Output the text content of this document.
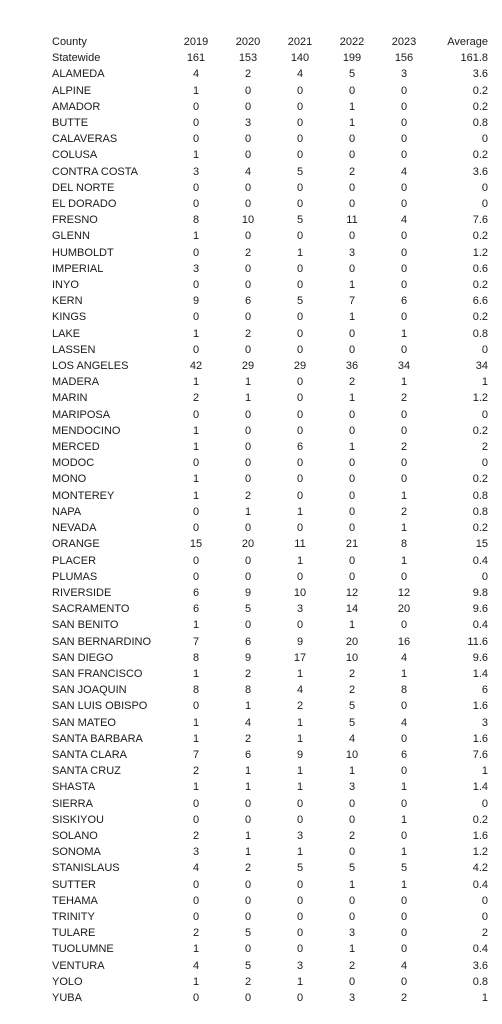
County	2019	2020	2021	2022	2023	Average
Statewide	161	153	140	199	156	161.8
ALAMEDA	4	2	4	5	3	3.6
ALPINE	1	0	0	0	0	0.2
AMADOR	0	0	0	1	0	0.2
BUTTE	0	3	0	1	0	0.8
CALAVERAS	0	0	0	0	0	0
COLUSA	1	0	0	0	0	0.2
CONTRA COSTA	3	4	5	2	4	3.6
DEL NORTE	0	0	0	0	0	0
EL DORADO	0	0	0	0	0	0
FRESNO	8	10	5	11	4	7.6
GLENN	1	0	0	0	0	0.2
HUMBOLDT	0	2	1	3	0	1.2
IMPERIAL	3	0	0	0	0	0.6
INYO	0	0	0	1	0	0.2
KERN	9	6	5	7	6	6.6
KINGS	0	0	0	1	0	0.2
LAKE	1	2	0	0	1	0.8
LASSEN	0	0	0	0	0	0
LOS ANGELES	42	29	29	36	34	34
MADERA	1	1	0	2	1	1
MARIN	2	1	0	1	2	1.2
MARIPOSA	0	0	0	0	0	0
MENDOCINO	1	0	0	0	0	0.2
MERCED	1	0	6	1	2	2
MODOC	0	0	0	0	0	0
MONO	1	0	0	0	0	0.2
MONTEREY	1	2	0	0	1	0.8
NAPA	0	1	1	0	2	0.8
NEVADA	0	0	0	0	1	0.2
ORANGE	15	20	11	21	8	15
PLACER	0	0	1	0	1	0.4
PLUMAS	0	0	0	0	0	0
RIVERSIDE	6	9	10	12	12	9.8
SACRAMENTO	6	5	3	14	20	9.6
SAN BENITO	1	0	0	1	0	0.4
SAN BERNARDINO	7	6	9	20	16	11.6
SAN DIEGO	8	9	17	10	4	9.6
SAN FRANCISCO	1	2	1	2	1	1.4
SAN JOAQUIN	8	8	4	2	8	6
SAN LUIS OBISPO	0	1	2	5	0	1.6
SAN MATEO	1	4	1	5	4	3
SANTA BARBARA	1	2	1	4	0	1.6
SANTA CLARA	7	6	9	10	6	7.6
SANTA CRUZ	2	1	1	1	0	1
SHASTA	1	1	1	3	1	1.4
SIERRA	0	0	0	0	0	0
SISKIYOU	0	0	0	0	1	0.2
SOLANO	2	1	3	2	0	1.6
SONOMA	3	1	1	0	1	1.2
STANISLAUS	4	2	5	5	5	4.2
SUTTER	0	0	0	1	1	0.4
TEHAMA	0	0	0	0	0	0
TRINITY	0	0	0	0	0	0
TULARE	2	5	0	3	0	2
TUOLUMNE	1	0	0	1	0	0.4
VENTURA	4	5	3	2	4	3.6
YOLO	1	2	1	0	0	0.8
YUBA	0	0	0	3	2	1
